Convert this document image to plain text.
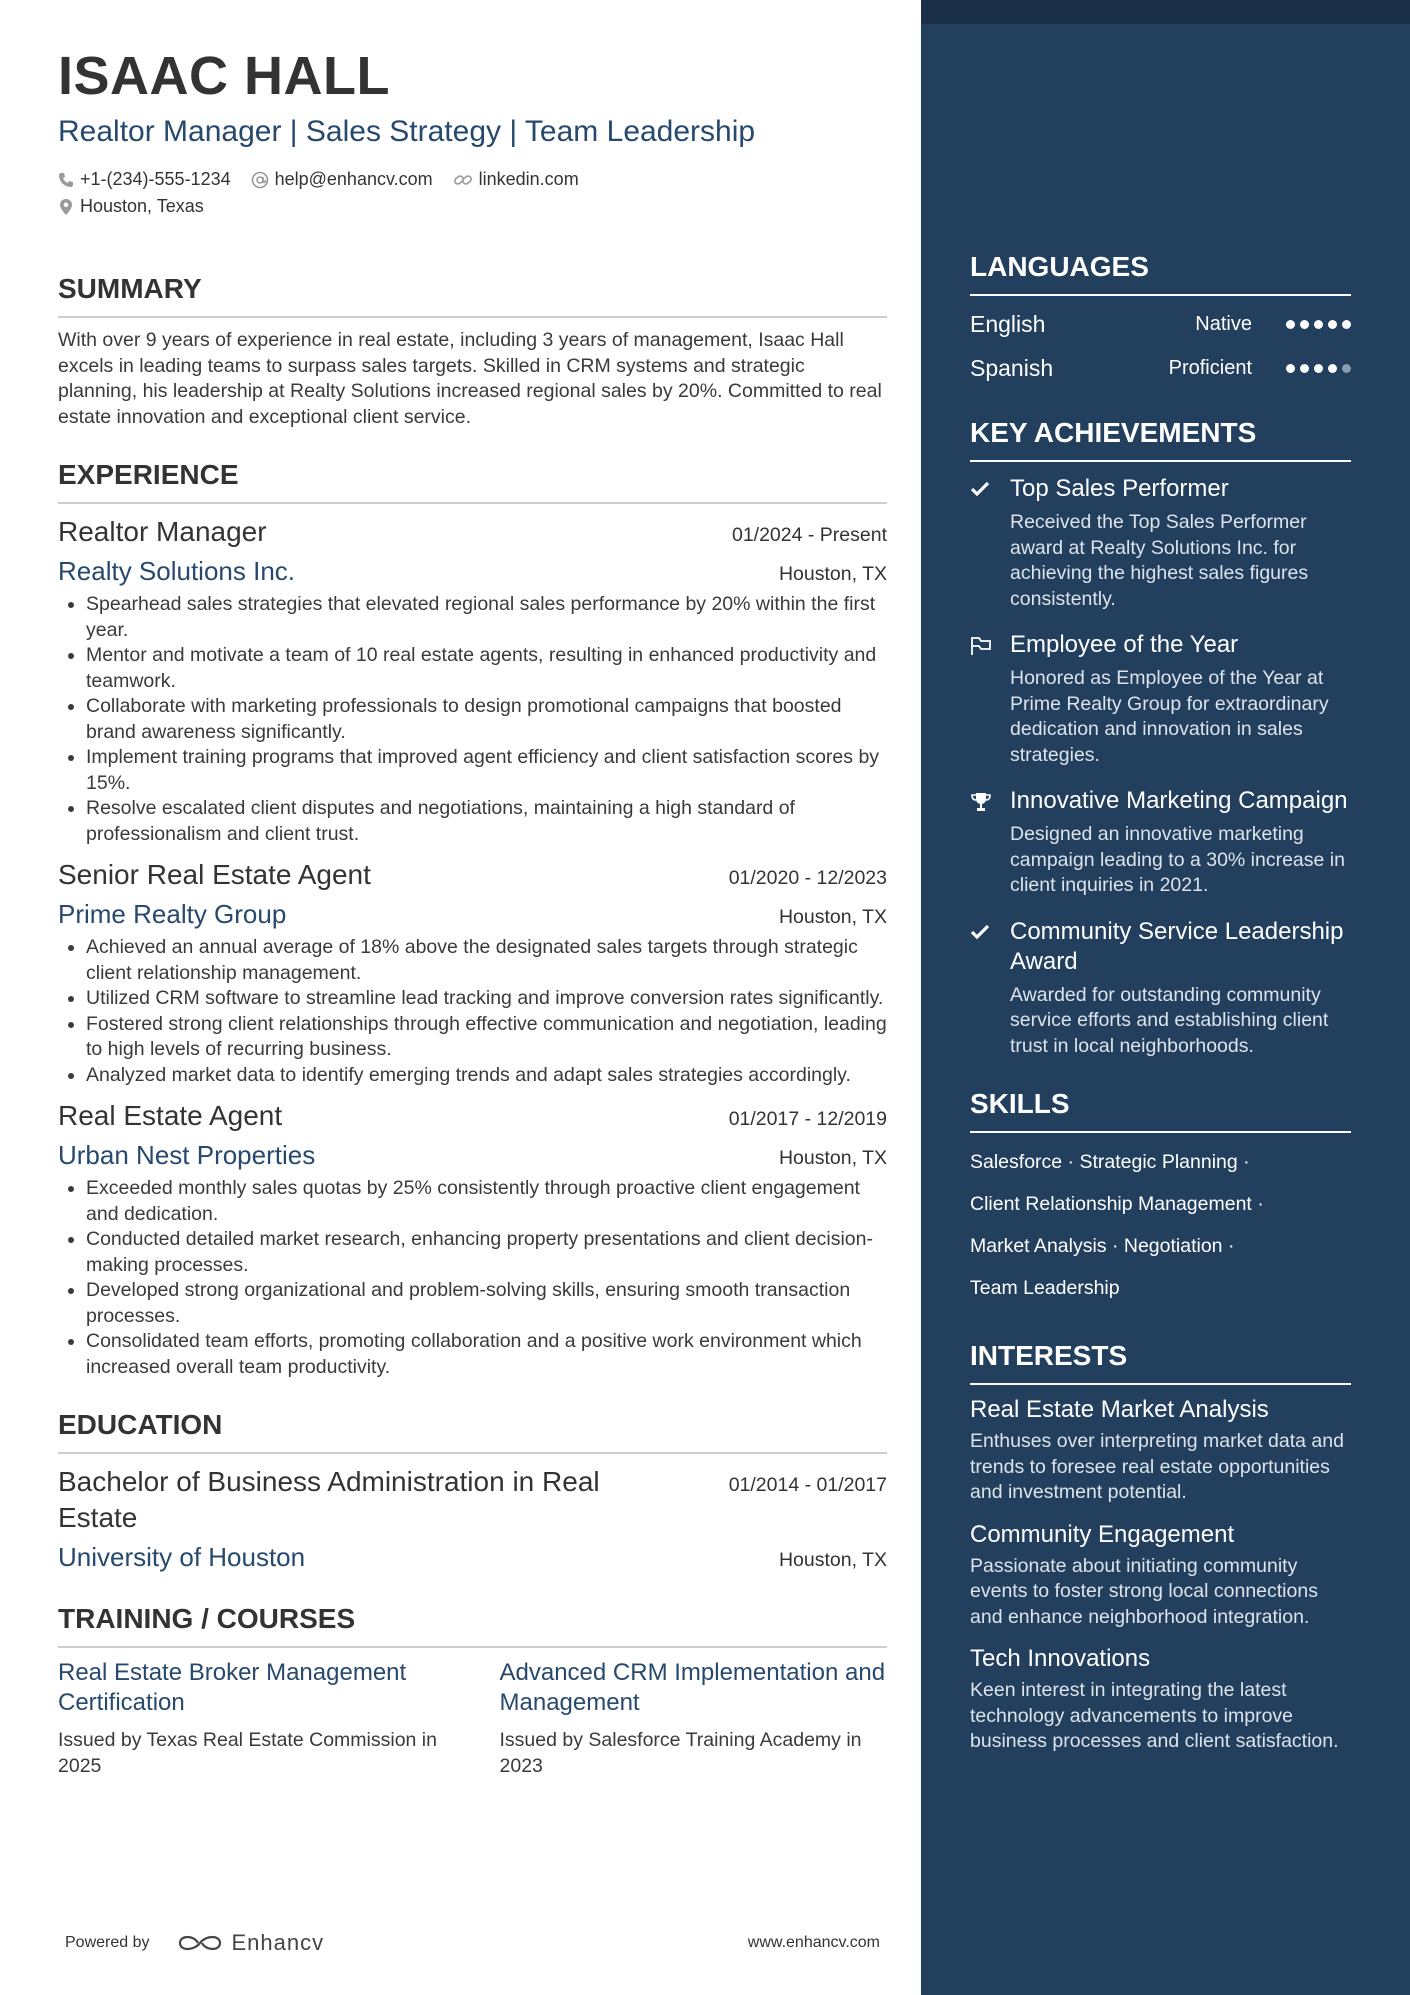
ISAAC HALL
Realtor Manager | Sales Strategy | Team Leadership
+1-(234)-555-1234 help@enhancv.com	linkedin.com
Houston, Texas
SUMMARY
With over 9 years of experience in real estate, including 3 years of management, Isaac Hall excels in leading teams to surpass sales targets. Skilled in CRM systems and strategic planning, his leadership at Realty Solutions increased regional sales by 20%. Committed to real estate innovation and exceptional client service.
EXPERIENCE
Realtor Manager	01/2024 - Present
Realty Solutions Inc.	Houston, TX
• Spearhead sales strategies that elevated regional sales performance by 20% within the first year.
• Mentor and motivate a team of 10 real estate agents, resulting in enhanced productivity and teamwork.
• Collaborate with marketing professionals to design promotional campaigns that boosted brand awareness significantly.
• Implement training programs that improved agent efficiency and client satisfaction scores by 15%.
• Resolve escalated client disputes and negotiations, maintaining a high standard of professionalism and client trust.
Senior Real Estate Agent	01/2020 - 12/2023
Prime Realty Group	Houston, TX
• Achieved an annual average of 18% above the designated sales targets through strategic client relationship management.
• Utilized CRM software to streamline lead tracking and improve conversion rates significantly.
• Fostered strong client relationships through effective communication and negotiation, leading to high levels of recurring business.
• Analyzed market data to identify emerging trends and adapt sales strategies accordingly.
Real Estate Agent	01/2017 - 12/2019
Urban Nest Properties	Houston, TX
• Exceeded monthly sales quotas by 25% consistently through proactive client engagement and dedication.
• Conducted detailed market research, enhancing property presentations and client decision-making processes.
• Developed strong organizational and problem-solving skills, ensuring smooth transaction processes.
• Consolidated team efforts, promoting collaboration and a positive work environment which increased overall team productivity.
EDUCATION
Bachelor of Business Administration in Real Estate
01/2014 - 01/2017
University of Houston	Houston, TX
TRAINING / COURSES
Real Estate Broker Management Certification
Issued by Texas Real Estate Commission in 2025
Advanced CRM Implementation and Management
Issued by Salesforce Training Academy in 2023
Powered by	Enhancv	www.enhancv.com
LANGUAGES
English	Native
Spanish	Proficient
KEY ACHIEVEMENTS
Top Sales Performer
Received the Top Sales Performer award at Realty Solutions Inc. for achieving the highest sales figures consistently.
Employee of the Year
Honored as Employee of the Year at Prime Realty Group for extraordinary dedication and innovation in sales strategies.
Innovative Marketing Campaign
Designed an innovative marketing campaign leading to a 30% increase in client inquiries in 2021.
Community Service Leadership Award
Awarded for outstanding community service efforts and establishing client trust in local neighborhoods.
SKILLS
Salesforce · Strategic Planning ·
Client Relationship Management ·
Market Analysis · Negotiation ·
Team Leadership
INTERESTS
Real Estate Market Analysis
Enthuses over interpreting market data and trends to foresee real estate opportunities and investment potential.
Community Engagement
Passionate about initiating community events to foster strong local connections and enhance neighborhood integration.
Tech Innovations
Keen interest in integrating the latest technology advancements to improve business processes and client satisfaction.
